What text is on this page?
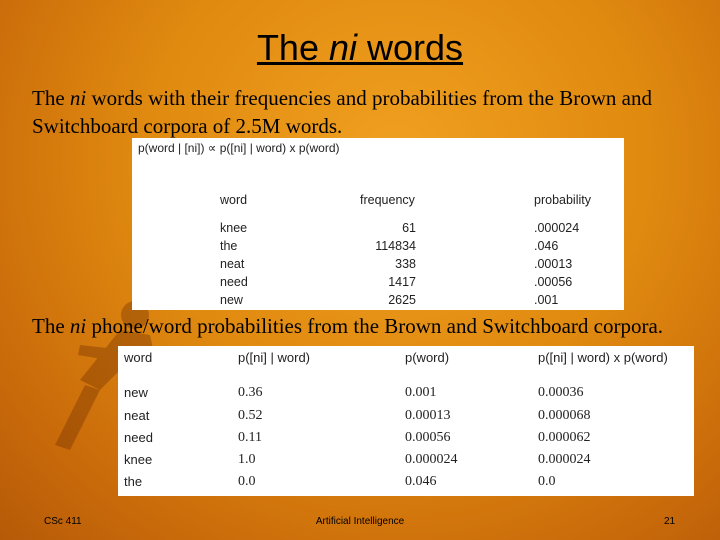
The ni words
The ni words with their frequencies and probabilities from the Brown and Switchboard corpora of 2.5M words.
p(word | [ni]) ∝ p([ni] | word) x p(word)
word	frequency	probability
knee	61	.000024
the	114834	.046
neat	338	.00013
need	1417	.00056
new	2625	.001
The ni phone/word probabilities from the Brown and Switchboard corpora.
word	p([ni] | word)	p(word)	p([ni] | word) x p(word)
new	0.36	0.001	0.00036
neat	0.52	0.00013	0.000068
need	0.11	0.00056	0.000062
knee	1.0	0.000024	0.000024
the	0.0	0.046	0.0
CSc 411	Artificial Intelligence	21
